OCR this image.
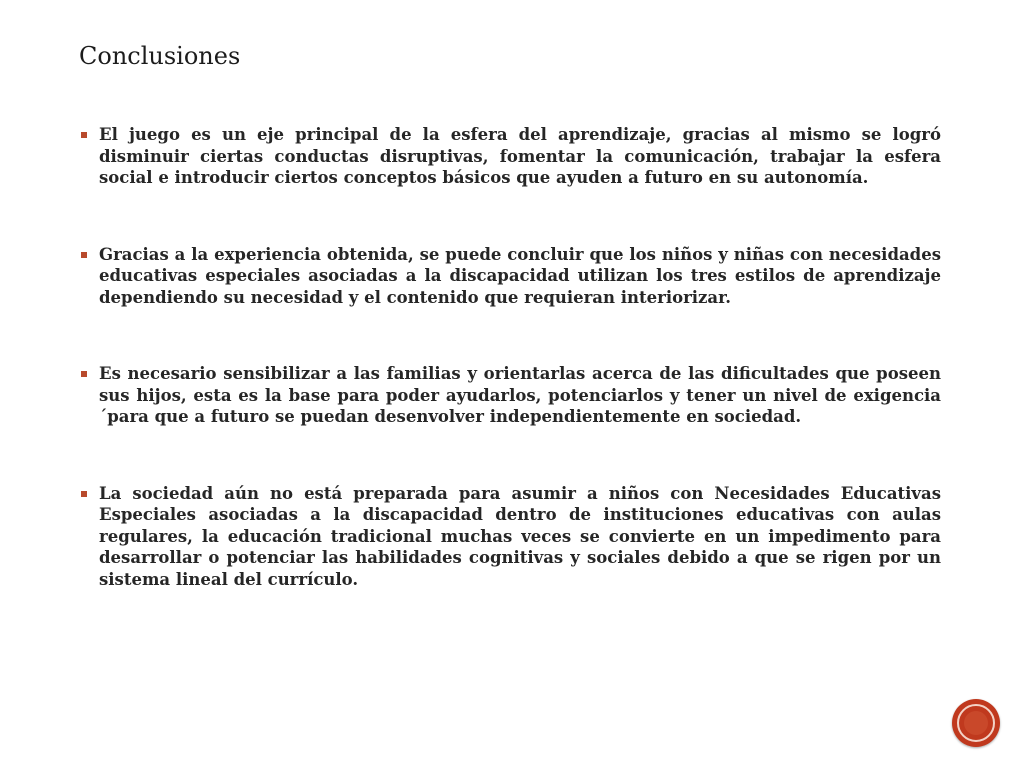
Conclusiones
El juego es un eje principal de la esfera del aprendizaje, gracias al mismo se logró disminuir ciertas conductas disruptivas, fomentar la comunicación, trabajar la esfera social e introducir ciertos conceptos básicos que ayuden a futuro en su autonomía.
Gracias a la experiencia obtenida, se puede concluir que los niños y niñas con necesidades educativas especiales asociadas a la discapacidad utilizan los tres estilos de aprendizaje dependiendo su necesidad y el contenido que requieran interiorizar.
Es necesario sensibilizar a las familias y orientarlas acerca de las dificultades que poseen sus hijos, esta es la base para poder ayudarlos, potenciarlos y tener un nivel de exigencia ´para que a futuro se puedan desenvolver independientemente en sociedad.
La sociedad aún no está preparada para asumir a niños con Necesidades Educativas Especiales asociadas a la discapacidad dentro de instituciones educativas con aulas regulares, la educación tradicional muchas veces se convierte en un impedimento para desarrollar o potenciar las habilidades cognitivas y sociales debido a que se rigen por un sistema lineal del currículo.
